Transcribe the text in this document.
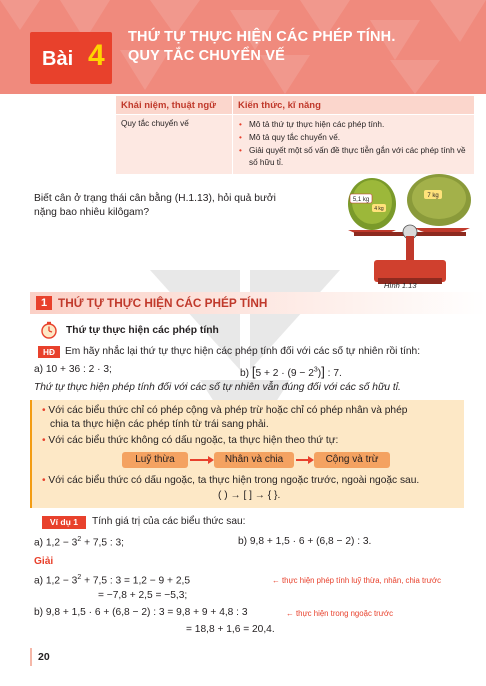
Bài 4
THỨ TỰ THỰC HIỆN CÁC PHÉP TÍNH.
QUY TẮC CHUYỂN VẾ
Khái niệm, thuật ngữ	Kiến thức, kĩ năng
Quy tắc chuyển vế
•	Mô tả thứ tự thực hiện các phép tính.
• Mô tả quy tắc chuyển vế.
• Giải quyết một số vấn đề thực tiễn gắn với các phép tính về
số hữu tỉ.
Biết cân ở trạng thái cân bằng (H.1.13), hỏi quả bưởi
nặng bao nhiêu kilôgam?
5,1 kg
4 kg
7 kg
Hình 1.13
1 THỨ TỰ THỰC HIỆN CÁC PHÉP TÍNH
Thứ tự thực hiện các phép tính
HĐ Em hãy nhắc lại thứ tự thực hiện các phép tính đối với các số tự nhiên rồi tính:
a) 10 + 36 : 2 · 3;	b) $[5 + 2 \cdot (9 - 2^3)]$ : 7.
Thứ tự thực hiện phép tính đối với các số tự nhiên vẫn đúng đối với các số hữu tỉ.
• Với các biểu thức chỉ có phép cộng và phép trừ hoặc chỉ có phép nhân và phép
chia ta thực hiện các phép tính từ trái sang phải.
• Với các biểu thức không có dấu ngoặc, ta thực hiện theo thứ tự:
Luỹ thừa	Nhân và chia	Cộng và trừ
• Với các biểu thức có dấu ngoặc, ta thực hiện trong ngoặc trước, ngoài ngoặc sau.
( ) → [ ] → { }.
Ví dụ 1	Tính giá trị của các biểu thức sau:
a) $1,2 - 3^2 + 7,5$ : 3;	b) 9,8 + 1,5 · 6 + (6,8 − 2) : 3.
Giải
a) $1,2 - 3^2 + 7,5$ : 3 = 1,2 − 9 + 2,5	← thực hiện phép tính luỹ thừa, nhân, chia trước
= −7,8 + 2,5 = −5,3;
b) 9,8 + 1,5 · 6 + (6,8 − 2) : 3 = 9,8 + 9 + 4,8 : 3	← thực hiện trong ngoặc trước
= 18,8 + 1,6 = 20,4.
20
